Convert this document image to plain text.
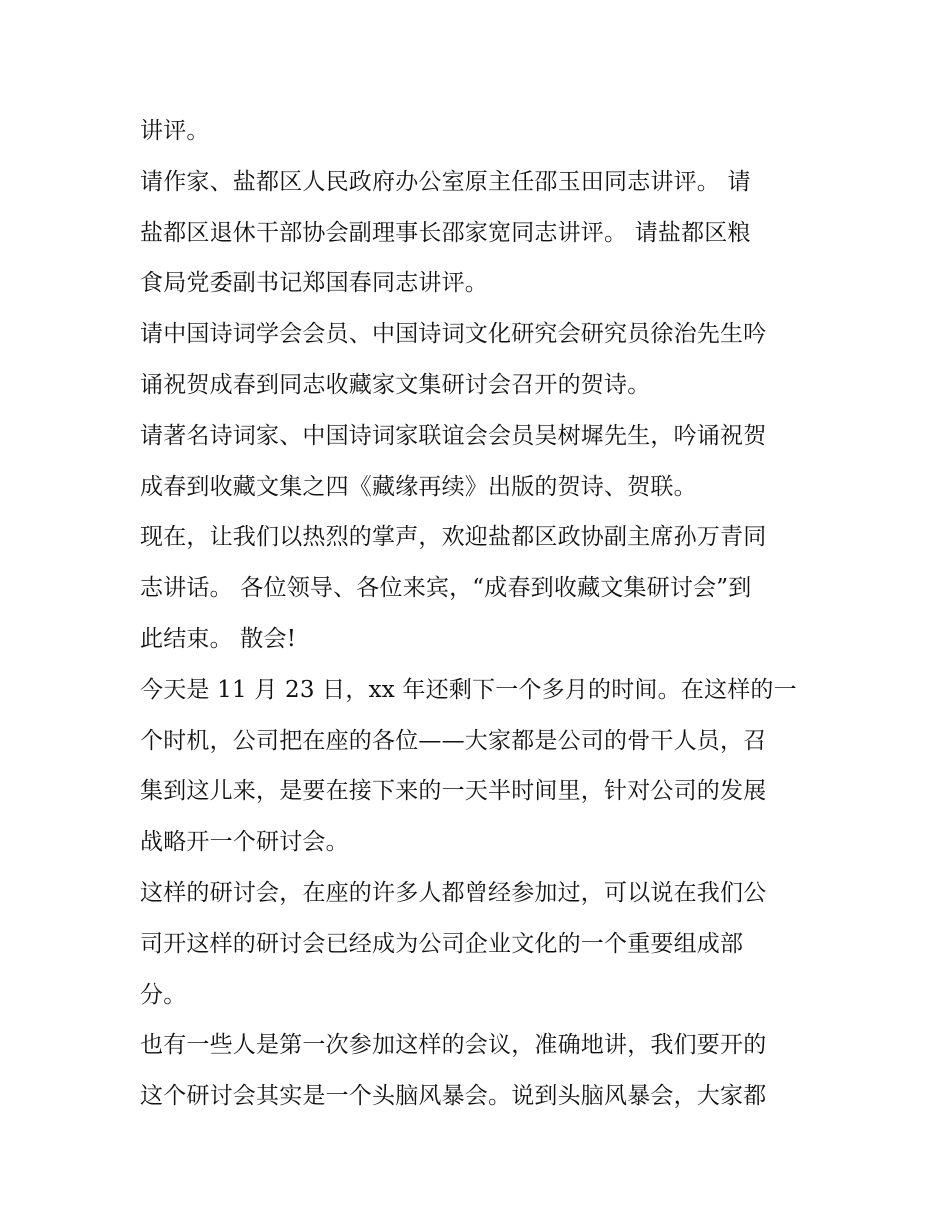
讲评。
请作家、盐都区人民政府办公室原主任邵玉田同志讲评。 请
盐都区退休干部协会副理事长邵家宽同志讲评。 请盐都区粮
食局党委副书记郑国春同志讲评。
请中国诗词学会会员、中国诗词文化研究会研究员徐治先生吟
诵祝贺成春到同志收藏家文集研讨会召开的贺诗。
请著名诗词家、中国诗词家联谊会会员吴树墀先生，吟诵祝贺
成春到收藏文集之四《藏缘再续》出版的贺诗、贺联。
现在，让我们以热烈的掌声，欢迎盐都区政协副主席孙万青同
志讲话。 各位领导、各位来宾，“成春到收藏文集研讨会”到
此结束。 散会!
今天是 11 月 23 日，xx 年还剩下一个多月的时间。在这样的一
个时机，公司把在座的各位——大家都是公司的骨干人员，召
集到这儿来，是要在接下来的一天半时间里，针对公司的发展
战略开一个研讨会。
这样的研讨会，在座的许多人都曾经参加过，可以说在我们公
司开这样的研讨会已经成为公司企业文化的一个重要组成部
分。
也有一些人是第一次参加这样的会议，准确地讲，我们要开的
这个研讨会其实是一个头脑风暴会。说到头脑风暴会，大家都
